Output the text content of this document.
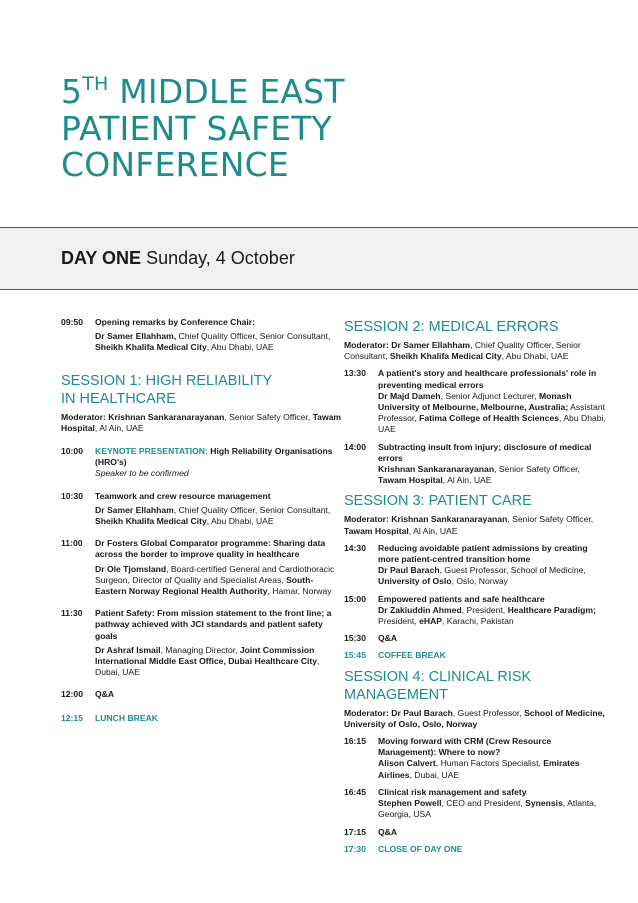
5TH MIDDLE EAST
PATIENT SAFETY
CONFERENCE
DAY ONE Sunday, 4 October
09:50	Opening remarks by Conference Chair:
Dr Samer Ellahham, Chief Quality Officer, Senior Consultant, Sheikh Khalifa Medical City, Abu Dhabi, UAE
SESSION 1: HIGH RELIABILITY
IN HEALTHCARE
Moderator: Krishnan Sankaranarayanan, Senior Safety Officer, Tawam Hospital, Al Ain, UAE
10:00	KEYNOTE PRESENTATION: High Reliability Organisations (HRO's)
Speaker to be confirmed
10:30	Teamwork and crew resource management
Dr Samer Ellahham, Chief Quality Officer, Senior Consultant, Sheikh Khalifa Medical City, Abu Dhabi, UAE
11:00	Dr Fosters Global Comparator programme: Sharing data across the border to improve quality in healthcare
Dr Ole Tjomsland, Board-certified General and Cardiothoracic Surgeon, Director of Quality and Specialist Areas, South-Eastern Norway Regional Health Authority, Hamar, Norway
11:30	Patient Safety: From mission statement to the front line; a pathway achieved with JCI standards and patient safety goals
Dr Ashraf Ismail, Managing Director, Joint Commission International Middle East Office, Dubai Healthcare City, Dubai, UAE
12:00	Q&A
12:15	LUNCH BREAK
SESSION 2: MEDICAL ERRORS
Moderator: Dr Samer Ellahham, Chief Quality Officer, Senior Consultant, Sheikh Khalifa Medical City, Abu Dhabi, UAE
13:30	A patient's story and healthcare professionals' role in preventing medical errors
Dr Majd Dameh, Senior Adjunct Lecturer, Monash University of Melbourne, Melbourne, Australia; Assistant Professor, Fatima College of Health Sciences, Abu Dhabi, UAE
14:00	Subtracting insult from injury; disclosure of medical errors
Krishnan Sankaranarayanan, Senior Safety Officer, Tawam Hospital, Al Ain, UAE
SESSION 3: PATIENT CARE
Moderator: Krishnan Sankaranarayanan, Senior Safety Officer, Tawam Hospital, Al Ain, UAE
14:30	Reducing avoidable patient admissions by creating more patient-centred transition home
Dr Paul Barach, Guest Professor, School of Medicine, University of Oslo, Oslo, Norway
15:00	Empowered patients and safe healthcare
Dr Zakiuddin Ahmed, President, Healthcare Paradigm; President, eHAP, Karachi, Pakistan
15:30	Q&A
15:45	COFFEE BREAK
SESSION 4: CLINICAL RISK
MANAGEMENT
Moderator: Dr Paul Barach, Guest Professor, School of Medicine, University of Oslo, Oslo, Norway
16:15	Moving forward with CRM (Crew Resource Management): Where to now?
Alison Calvert, Human Factors Specialist, Emirates Airlines, Dubai, UAE
16:45	Clinical risk management and safety
Stephen Powell, CEO and President, Synensis, Atlanta, Georgia, USA
17:15	Q&A
17:30	CLOSE OF DAY ONE
